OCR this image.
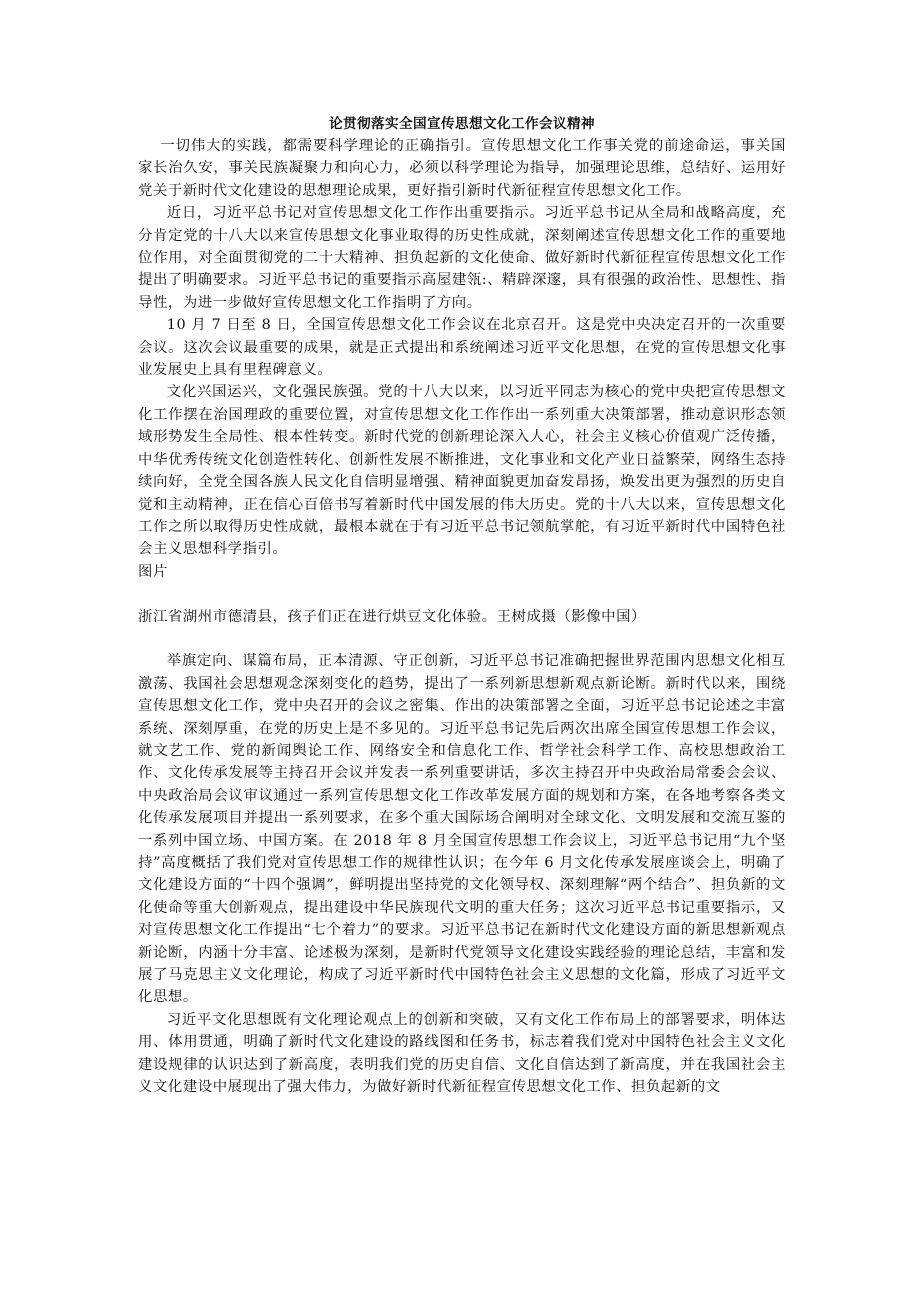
论贯彻落实全国宣传思想文化工作会议精神

一切伟大的实践，都需要科学理论的正确指引。宣传思想文化工作事关党的前途命运，事关国家长治久安，事关民族凝聚力和向心力，必须以科学理论为指导，加强理论思维，总结好、运用好党关于新时代文化建设的思想理论成果，更好指引新时代新征程宣传思想文化工作。

近日，习近平总书记对宣传思想文化工作作出重要指示。习近平总书记从全局和战略高度，充分肯定党的十八大以来宣传思想文化事业取得的历史性成就，深刻阐述宣传思想文化工作的重要地位作用，对全面贯彻党的二十大精神、担负起新的文化使命、做好新时代新征程宣传思想文化工作提出了明确要求。习近平总书记的重要指示高屋建瓴:、精辟深邃，具有很强的政治性、思想性、指导性，为进一步做好宣传思想文化工作指明了方向。

10 月 7 日至 8 日，全国宣传思想文化工作会议在北京召开。这是党中央决定召开的一次重要会议。这次会议最重要的成果，就是正式提出和系统阐述习近平文化思想，在党的宣传思想文化事业发展史上具有里程碑意义。

文化兴国运兴，文化强民族强。党的十八大以来，以习近平同志为核心的党中央把宣传思想文化工作摆在治国理政的重要位置，对宣传思想文化工作作出一系列重大决策部署，推动意识形态领域形势发生全局性、根本性转变。新时代党的创新理论深入人心，社会主义核心价值观广泛传播，中华优秀传统文化创造性转化、创新性发展不断推进，文化事业和文化产业日益繁荣，网络生态持续向好，全党全国各族人民文化自信明显增强、精神面貌更加奋发昂扬，焕发出更为强烈的历史自觉和主动精神，正在信心百倍书写着新时代中国发展的伟大历史。党的十八大以来，宣传思想文化工作之所以取得历史性成就，最根本就在于有习近平总书记领航掌舵，有习近平新时代中国特色社会主义思想科学指引。

图片

浙江省湖州市德清县，孩子们正在进行烘豆文化体验。王树成摄（影像中国）

举旗定向、谋篇布局，正本清源、守正创新，习近平总书记准确把握世界范围内思想文化相互激荡、我国社会思想观念深刻变化的趋势，提出了一系列新思想新观点新论断。新时代以来，围绕宣传思想文化工作，党中央召开的会议之密集、作出的决策部署之全面，习近平总书记论述之丰富系统、深刻厚重，在党的历史上是不多见的。习近平总书记先后两次出席全国宣传思想工作会议，就文艺工作、党的新闻舆论工作、网络安全和信息化工作、哲学社会科学工作、高校思想政治工作、文化传承发展等主持召开会议并发表一系列重要讲话，多次主持召开中央政治局常委会会议、中央政治局会议审议通过一系列宣传思想文化工作改革发展方面的规划和方案，在各地考察各类文化传承发展项目并提出一系列要求，在多个重大国际场合阐明对全球文化、文明发展和交流互鉴的一系列中国立场、中国方案。在 2018 年 8 月全国宣传思想工作会议上，习近平总书记用“九个坚持”高度概括了我们党对宣传思想工作的规律性认识；在今年 6 月文化传承发展座谈会上，明确了文化建设方面的“十四个强调”，鲜明提出坚持党的文化领导权、深刻理解“两个结合”、担负新的文化使命等重大创新观点，提出建设中华民族现代文明的重大任务；这次习近平总书记重要指示，又对宣传思想文化工作提出“七个着力”的要求。习近平总书记在新时代文化建设方面的新思想新观点新论断，内涵十分丰富、论述极为深刻，是新时代党领导文化建设实践经验的理论总结，丰富和发展了马克思主义文化理论，构成了习近平新时代中国特色社会主义思想的文化篇，形成了习近平文化思想。

习近平文化思想既有文化理论观点上的创新和突破，又有文化工作布局上的部署要求，明体达用、体用贯通，明确了新时代文化建设的路线图和任务书，标志着我们党对中国特色社会主义文化建设规律的认识达到了新高度，表明我们党的历史自信、文化自信达到了新高度，并在我国社会主义文化建设中展现出了强大伟力，为做好新时代新征程宣传思想文化工作、担负起新的文
